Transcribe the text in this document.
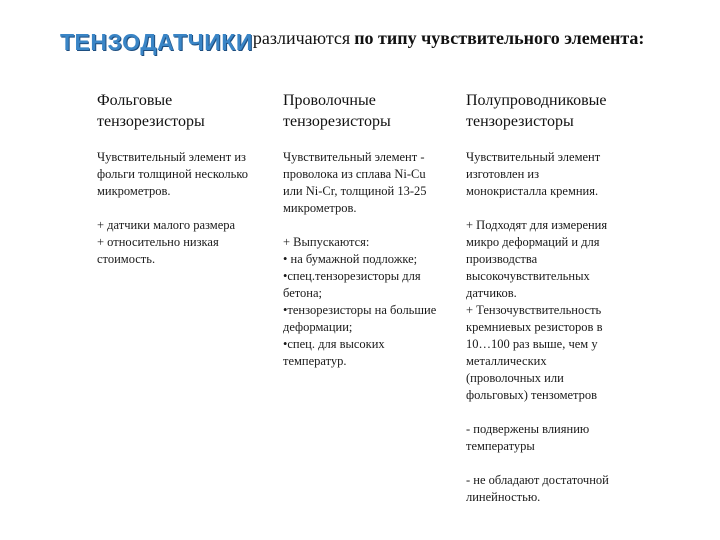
ТЕНЗОДАТЧИКИразличаются по типу чувствительного элемента:
Фольговые
тензорезисторы
Чувствительный элемент из
фольги толщиной несколько
микрометров.
+ датчики малого размера
+ относительно низкая
стоимость.
Проволочные
тензорезисторы
Чувствительный элемент -
проволока из сплава Ni-Cu
или Ni-Cr, толщиной 13-25
микрометров.
+ Выпускаются:
• на бумажной подложке;
•спец.тензорезисторы для
бетона;
•тензорезисторы на большие
деформации;
•спец. для высоких
температур.
Полупроводниковые
тензорезисторы
Чувствительный элемент
изготовлен из
монокристалла кремния.
+ Подходят для измерения
микро деформаций и для
производства
высокочувствительных
датчиков.
+ Тензочувствительность
кремниевых резисторов в
10…100 раз выше, чем у
металлических
(проволочных или
фольговых) тензометров
- подвержены влиянию
температуры
- не обладают достаточной
линейностью.
